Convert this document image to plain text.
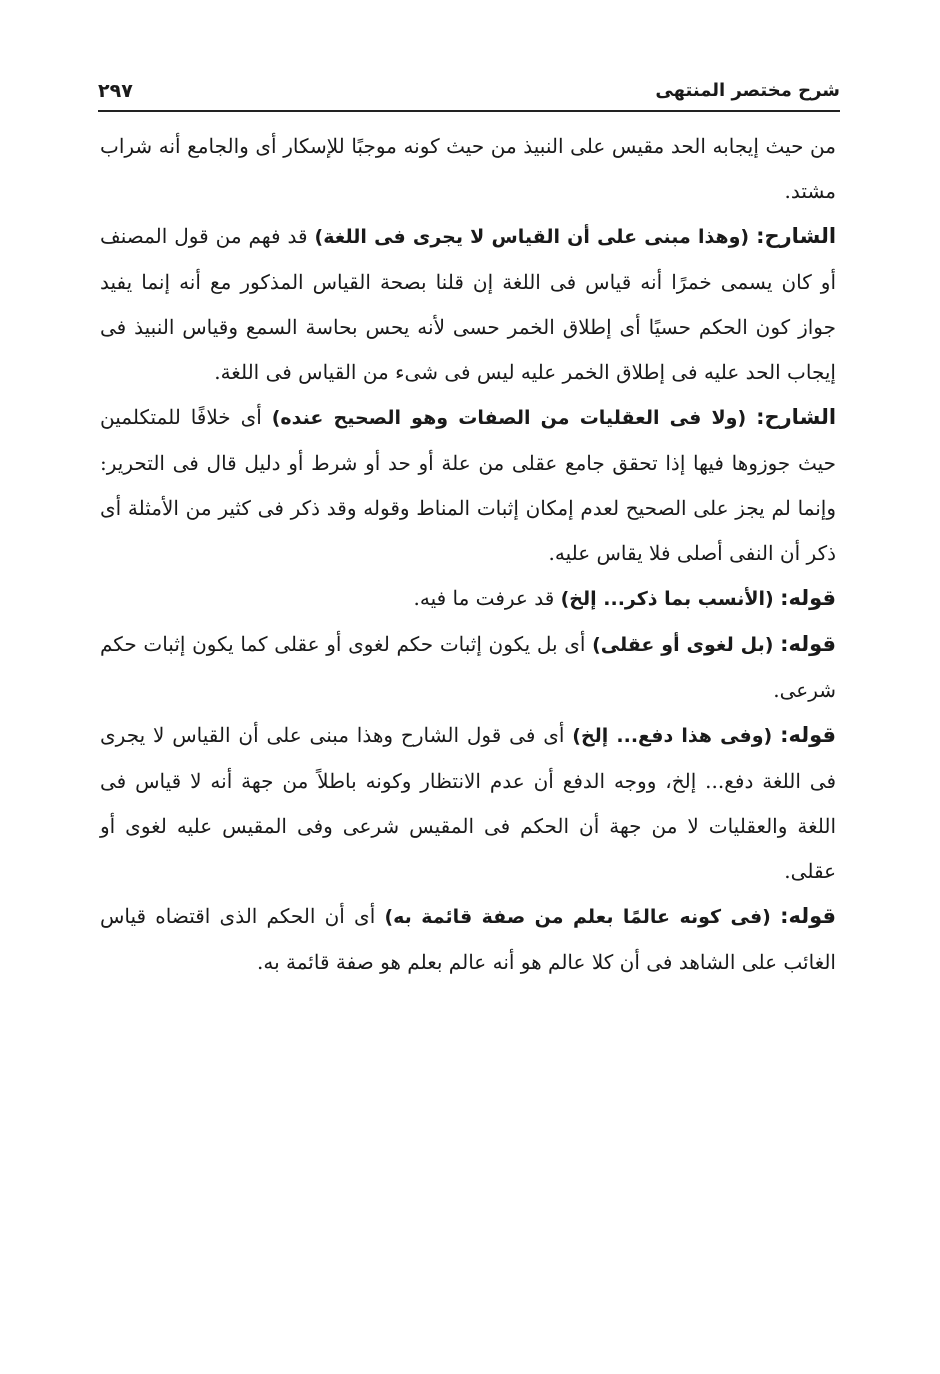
شرح مختصر المنتهى
٢٩٧

من حيث إيجابه الحد مقيس على النبيذ من حيث كونه موجبًا للإسكار أى والجامع أنه شراب مشتد.

الشارح: (وهذا مبنى على أن القياس لا يجرى فى اللغة) قد فهم من قول المصنف أو كان يسمى خمرًا أنه قياس فى اللغة إن قلنا بصحة القياس المذكور مع أنه إنما يفيد جواز كون الحكم حسيًا أى إطلاق الخمر حسى لأنه يحس بحاسة السمع وقياس النبيذ فى إيجاب الحد عليه فى إطلاق الخمر عليه ليس فى شىء من القياس فى اللغة.

الشارح: (ولا فى العقليات من الصفات وهو الصحيح عنده) أى خلافًا للمتكلمين حيث جوزوها فيها إذا تحقق جامع عقلى من علة أو حد أو شرط أو دليل قال فى التحرير: وإنما لم يجز على الصحيح لعدم إمكان إثبات المناط وقوله وقد ذكر فى كثير من الأمثلة أى ذكر أن النفى أصلى فلا يقاس عليه.

قوله: (الأنسب بما ذكر... إلخ) قد عرفت ما فيه.

قوله: (بل لغوى أو عقلى) أى بل يكون إثبات حكم لغوى أو عقلى كما يكون إثبات حكم شرعى.

قوله: (وفى هذا دفع... إلخ) أى فى قول الشارح وهذا مبنى على أن القياس لا يجرى فى اللغة دفع... إلخ، ووجه الدفع أن عدم الانتظار وكونه باطلاً من جهة أنه لا قياس فى اللغة والعقليات لا من جهة أن الحكم فى المقيس شرعى وفى المقيس عليه لغوى أو عقلى.

قوله: (فى كونه عالمًا بعلم من صفة قائمة به) أى أن الحكم الذى اقتضاه قياس الغائب على الشاهد فى أن كلا عالم هو أنه عالم بعلم هو صفة قائمة به.
